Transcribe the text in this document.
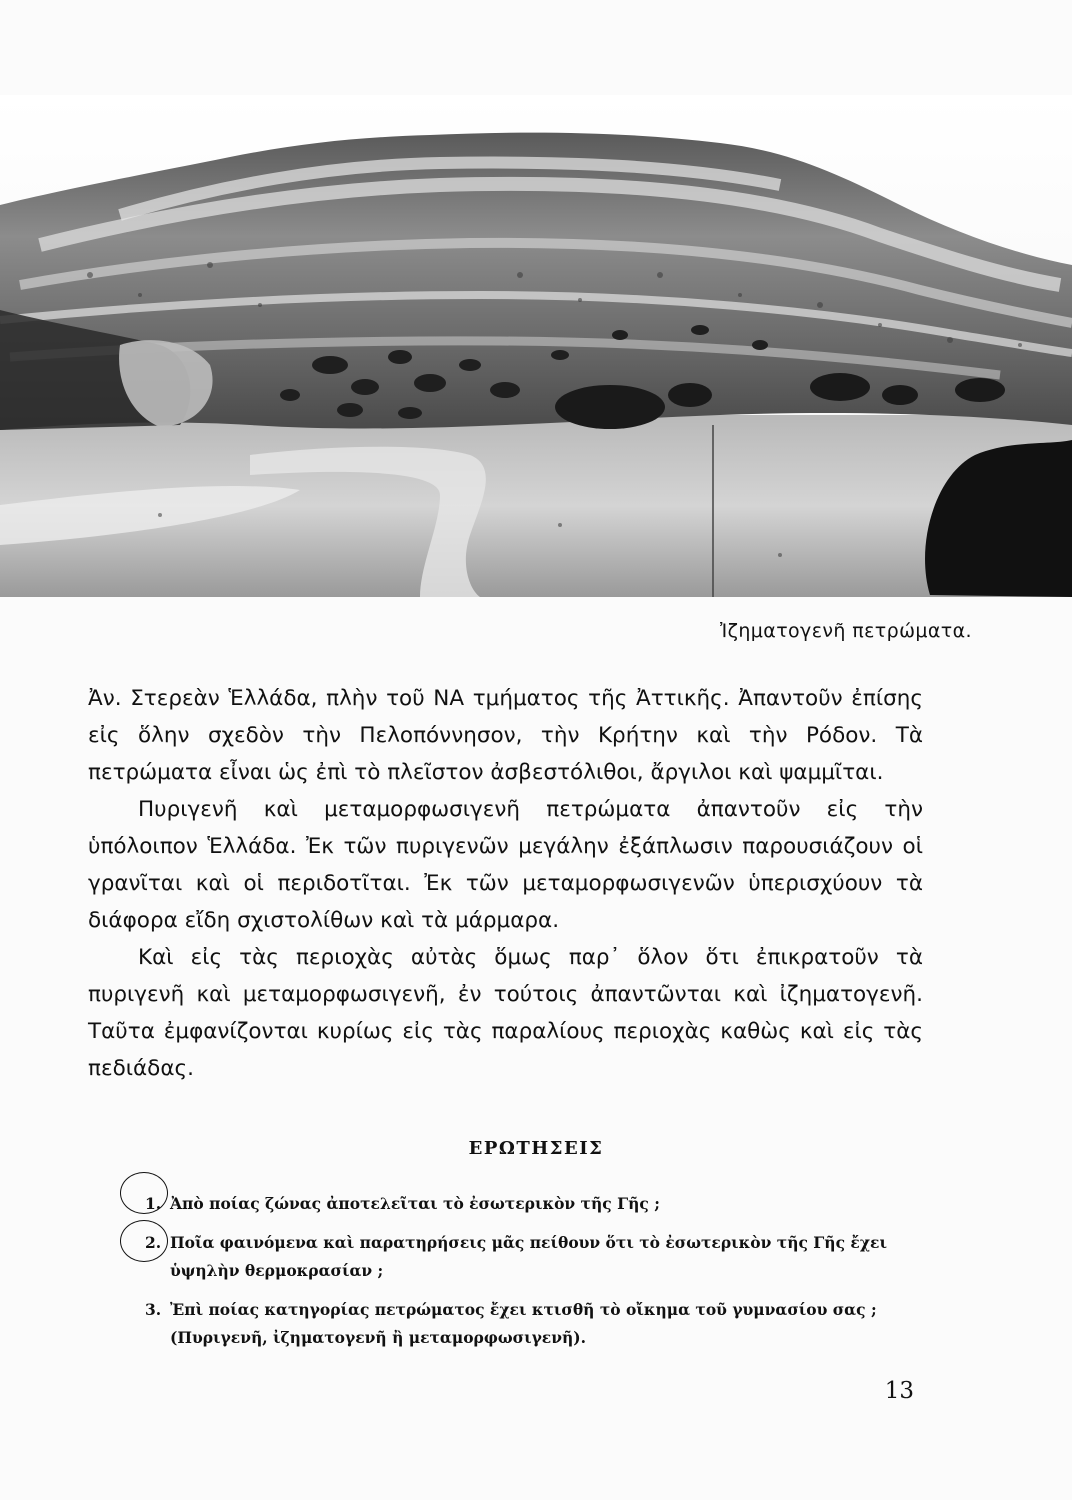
Ἰζηματογενῆ πετρώματα.

Ἀν. Στερεὰν Ἑλλάδα, πλὴν τοῦ ΝΑ τμήματος τῆς Ἀττικῆς. Ἀπαντοῦν ἐπίσης εἰς ὅλην σχεδὸν τὴν Πελοπόννησον, τὴν Κρήτην καὶ τὴν Ρόδον. Τὰ πετρώματα εἶναι ὡς ἐπὶ τὸ πλεῖστον ἀσβεστόλιθοι, ἄργιλοι καὶ ψαμμῖται.

Πυριγενῆ καὶ μεταμορφωσιγενῆ πετρώματα ἀπαντοῦν εἰς τὴν ὑπόλοιπον Ἑλλάδα. Ἐκ τῶν πυριγενῶν μεγάλην ἐξάπλωσιν παρουσιάζουν οἱ γρανῖται καὶ οἱ περιδοτῖται. Ἐκ τῶν μεταμορφωσιγενῶν ὑπερισχύουν τὰ διάφορα εἴδη σχιστολίθων καὶ τὰ μάρμαρα.

Καὶ εἰς τὰς περιοχὰς αὐτὰς ὅμως παρ᾽ ὅλον ὅτι ἐπικρατοῦν τὰ πυριγενῆ καὶ μεταμορφωσιγενῆ, ἐν τούτοις ἀπαντῶνται καὶ ἰζηματογενῆ. Ταῦτα ἐμφανίζονται κυρίως εἰς τὰς παραλίους περιοχὰς καθὼς καὶ εἰς τὰς πεδιάδας.

ΕΡΩΤΗΣΕΙΣ
1. Ἀπὸ ποίας ζώνας ἀποτελεῖται τὸ ἐσωτερικὸν τῆς Γῆς ;
2. Ποῖα φαινόμενα καὶ παρατηρήσεις μᾶς πείθουν ὅτι τὸ ἐσωτερικὸν τῆς Γῆς ἔχει ὑψηλὴν θερμοκρασίαν ;
3. Ἐπὶ ποίας κατηγορίας πετρώματος ἔχει κτισθῆ τὸ οἴκημα τοῦ γυμνασίου σας ; (Πυριγενῆ, ἰζηματογενῆ ἢ μεταμορφωσιγενῆ).
13
